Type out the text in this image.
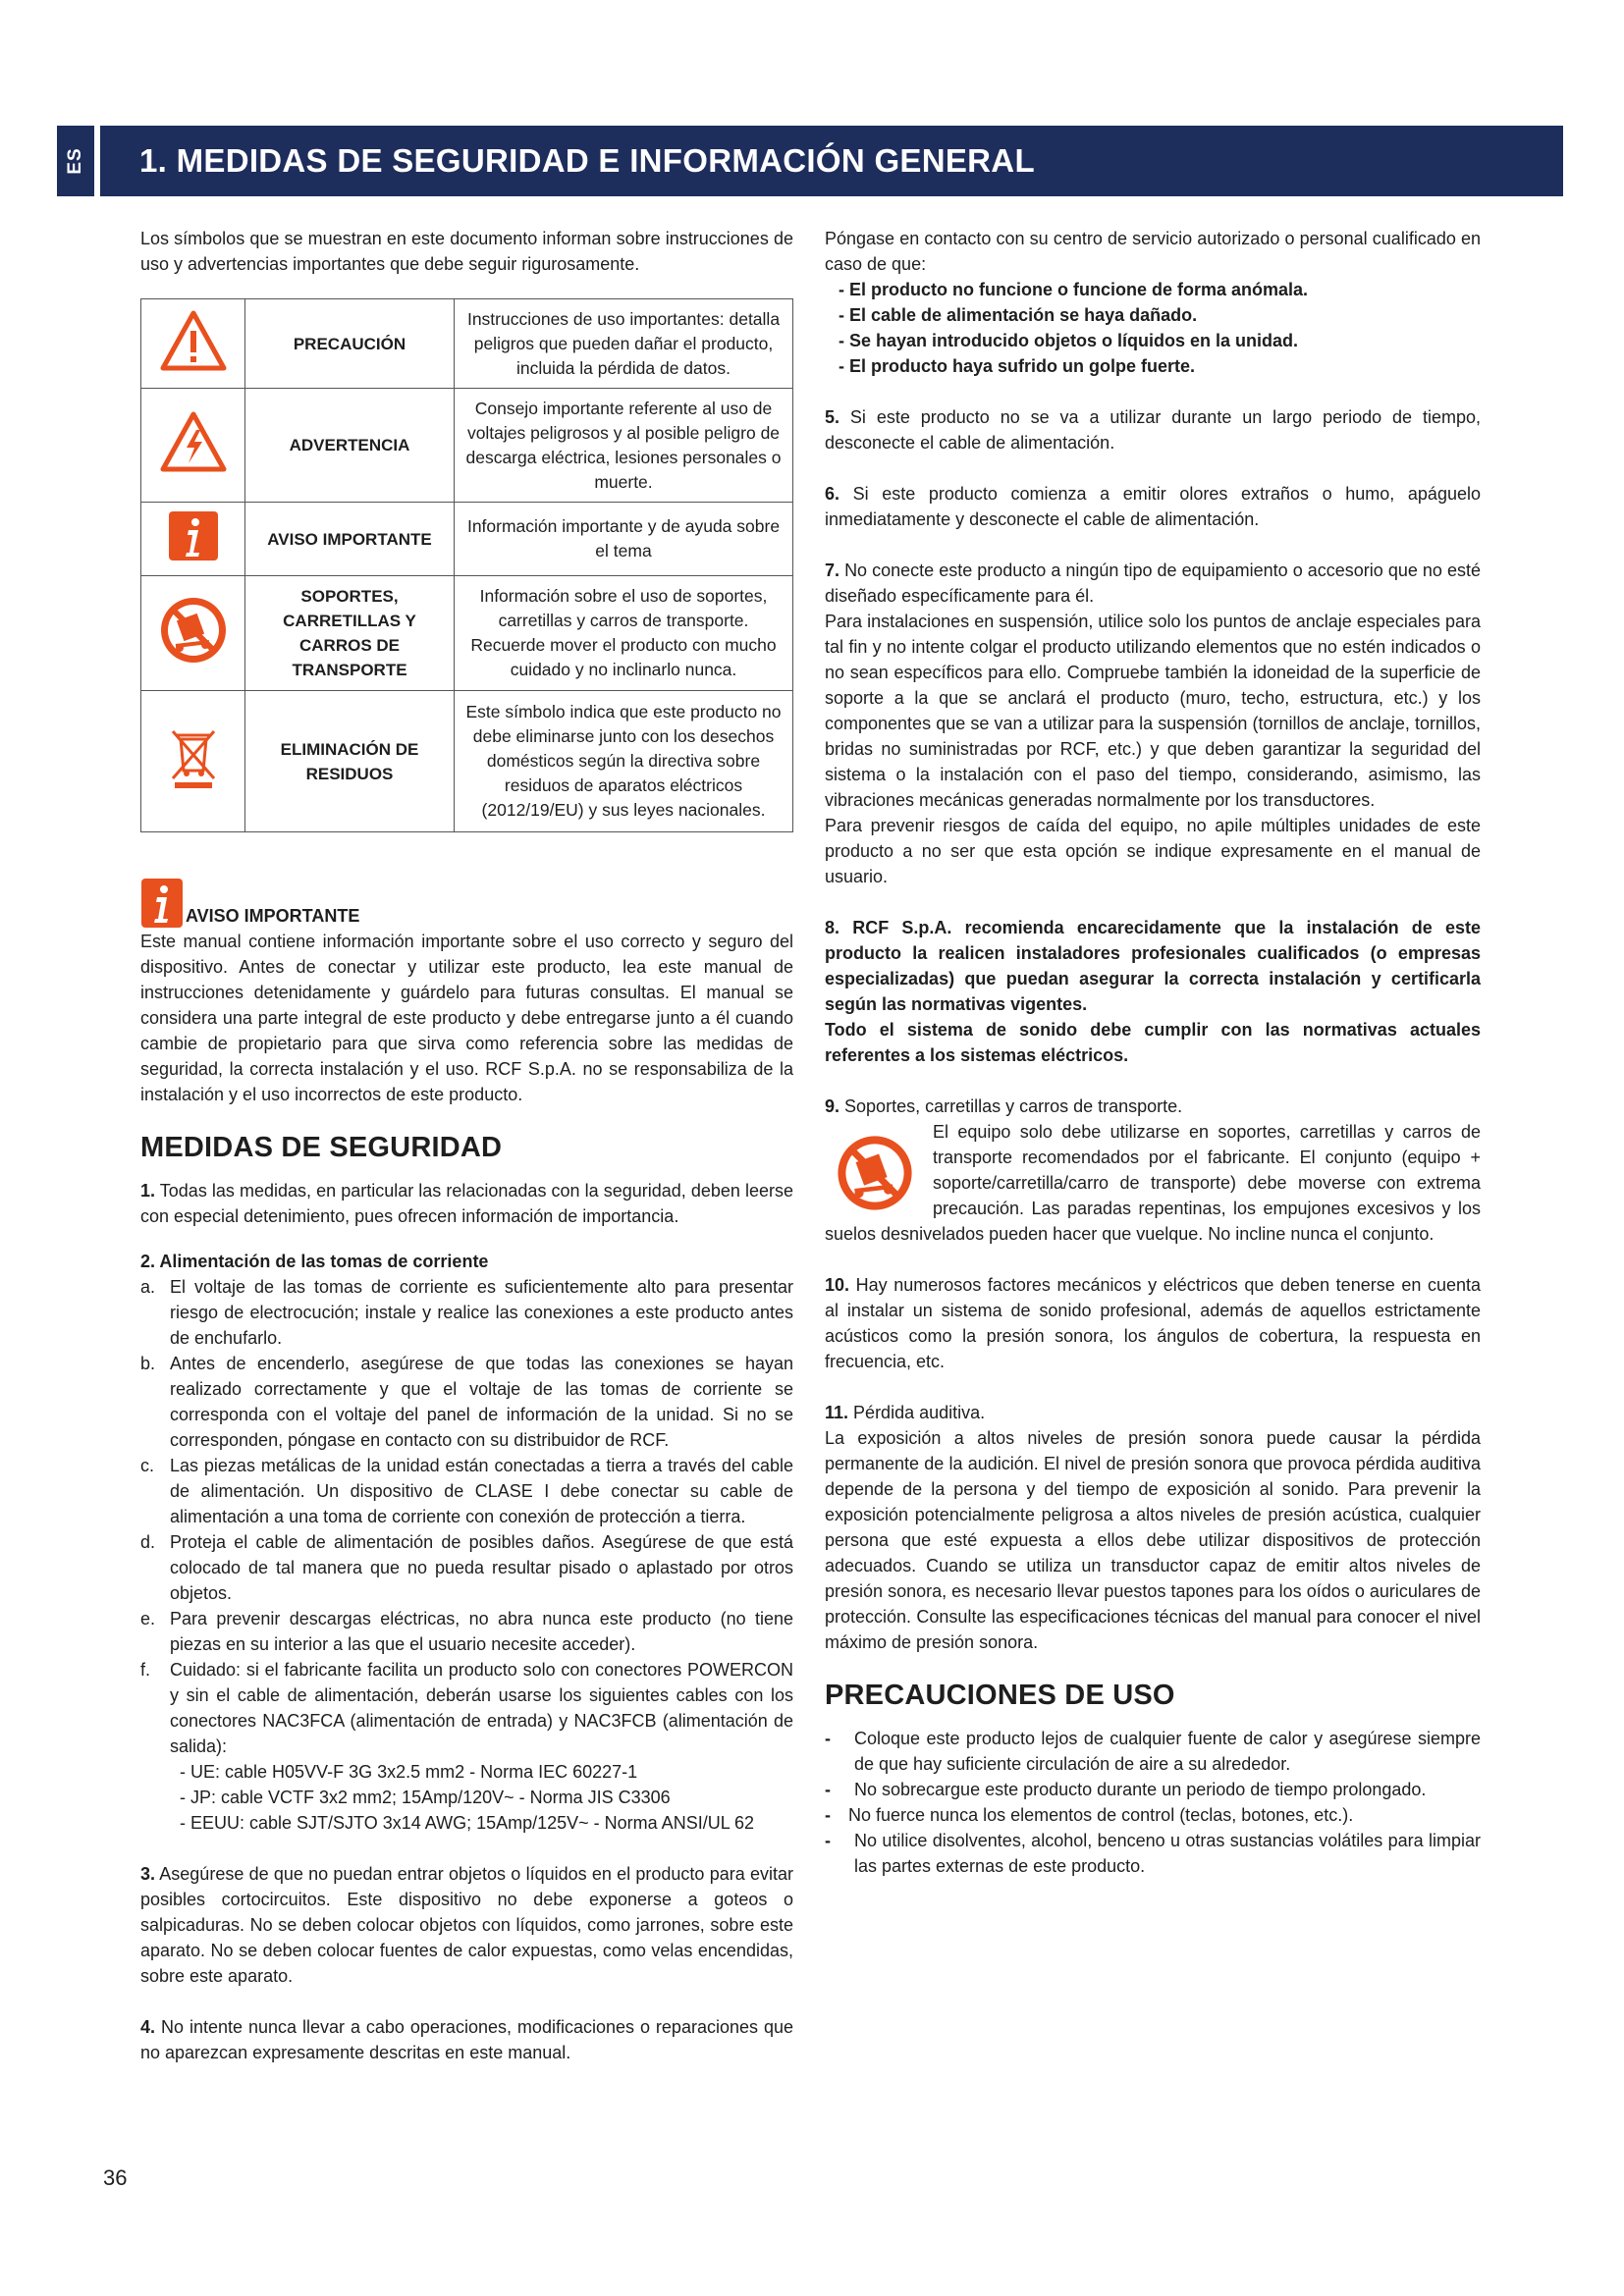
ES 1. MEDIDAS DE SEGURIDAD E INFORMACIÓN GENERAL

Los símbolos que se muestran en este documento informan sobre instrucciones de uso y advertencias importantes que debe seguir rigurosamente.

	PRECAUCIÓN	Instrucciones de uso importantes: detalla peligros que pueden dañar el producto, incluida la pérdida de datos.
	ADVERTENCIA	Consejo importante referente al uso de voltajes peligrosos y al posible peligro de descarga eléctrica, lesiones personales o muerte.
	AVISO IMPORTANTE	Información importante y de ayuda sobre el tema
	SOPORTES, CARRETILLAS Y CARROS DE TRANSPORTE	Información sobre el uso de soportes, carretillas y carros de transporte. Recuerde mover el producto con mucho cuidado y no inclinarlo nunca.
	ELIMINACIÓN DE RESIDUOS	Este símbolo indica que este producto no debe eliminarse junto con los desechos domésticos según la directiva sobre residuos de aparatos eléctricos (2012/19/EU) y sus leyes nacionales.
AVISO IMPORTANTE

Este manual contiene información importante sobre el uso correcto y seguro del dispositivo. Antes de conectar y utilizar este producto, lea este manual de instrucciones detenidamente y guárdelo para futuras consultas. El manual se considera una parte integral de este producto y debe entregarse junto a él cuando cambie de propietario para que sirva como referencia sobre las medidas de seguridad, la correcta instalación y el uso. RCF S.p.A. no se responsabiliza de la instalación y el uso incorrectos de este producto.

MEDIDAS DE SEGURIDAD

1. Todas las medidas, en particular las relacionadas con la seguridad, deben leerse con especial detenimiento, pues ofrecen información de importancia.

2. Alimentación de las tomas de corriente

a. El voltaje de las tomas de corriente es suficientemente alto para presentar riesgo de electrocución; instale y realice las conexiones a este producto antes de enchufarlo.
b. Antes de encenderlo, asegúrese de que todas las conexiones se hayan realizado correctamente y que el voltaje de las tomas de corriente se corresponda con el voltaje del panel de información de la unidad. Si no se corresponden, póngase en contacto con su distribuidor de RCF.
c. Las piezas metálicas de la unidad están conectadas a tierra a través del cable de alimentación. Un dispositivo de CLASE I debe conectar su cable de alimentación a una toma de corriente con conexión de protección a tierra.
d. Proteja el cable de alimentación de posibles daños. Asegúrese de que está colocado de tal manera que no pueda resultar pisado o aplastado por otros objetos.
e. Para prevenir descargas eléctricas, no abra nunca este producto (no tiene piezas en su interior a las que el usuario necesite acceder).
f. Cuidado: si el fabricante facilita un producto solo con conectores POWERCON y sin el cable de alimentación, deberán usarse los siguientes cables con los conectores NAC3FCA (alimentación de entrada) y NAC3FCB (alimentación de salida):
- UE: cable H05VV-F 3G 3x2.5 mm2 - Norma IEC 60227-1
- JP: cable VCTF 3x2 mm2; 15Amp/120V~ - Norma JIS C3306
- EEUU: cable SJT/SJTO 3x14 AWG; 15Amp/125V~ - Norma ANSI/UL 62

3. Asegúrese de que no puedan entrar objetos o líquidos en el producto para evitar posibles cortocircuitos. Este dispositivo no debe exponerse a goteos o salpicaduras. No se deben colocar objetos con líquidos, como jarrones, sobre este aparato. No se deben colocar fuentes de calor expuestas, como velas encendidas, sobre este aparato.

4. No intente nunca llevar a cabo operaciones, modificaciones o reparaciones que no aparezcan expresamente descritas en este manual.

Póngase en contacto con su centro de servicio autorizado o personal cualificado en caso de que:

- El producto no funcione o funcione de forma anómala.
- El cable de alimentación se haya dañado.
- Se hayan introducido objetos o líquidos en la unidad.
- El producto haya sufrido un golpe fuerte.

5. Si este producto no se va a utilizar durante un largo periodo de tiempo, desconecte el cable de alimentación.

6. Si este producto comienza a emitir olores extraños o humo, apáguelo inmediatamente y desconecte el cable de alimentación.

7. No conecte este producto a ningún tipo de equipamiento o accesorio que no esté diseñado específicamente para él.

Para instalaciones en suspensión, utilice solo los puntos de anclaje especiales para tal fin y no intente colgar el producto utilizando elementos que no estén indicados o no sean específicos para ello. Compruebe también la idoneidad de la superficie de soporte a la que se anclará el producto (muro, techo, estructura, etc.) y los componentes que se van a utilizar para la suspensión (tornillos de anclaje, tornillos, bridas no suministradas por RCF, etc.) y que deben garantizar la seguridad del sistema o la instalación con el paso del tiempo, considerando, asimismo, las vibraciones mecánicas generadas normalmente por los transductores.

Para prevenir riesgos de caída del equipo, no apile múltiples unidades de este producto a no ser que esta opción se indique expresamente en el manual de usuario.

8. RCF S.p.A. recomienda encarecidamente que la instalación de este producto la realicen instaladores profesionales cualificados (o empresas especializadas) que puedan asegurar la correcta instalación y certificarla según las normativas vigentes.

Todo el sistema de sonido debe cumplir con las normativas actuales referentes a los sistemas eléctricos.

9. Soportes, carretillas y carros de transporte.

El equipo solo debe utilizarse en soportes, carretillas y carros de transporte recomendados por el fabricante. El conjunto (equipo + soporte/carretilla/carro de transporte) debe moverse con extrema precaución. Las paradas repentinas, los empujones excesivos y los suelos desnivelados pueden hacer que vuelque. No incline nunca el conjunto.

10. Hay numerosos factores mecánicos y eléctricos que deben tenerse en cuenta al instalar un sistema de sonido profesional, además de aquellos estrictamente acústicos como la presión sonora, los ángulos de cobertura, la respuesta en frecuencia, etc.

11. Pérdida auditiva.

La exposición a altos niveles de presión sonora puede causar la pérdida permanente de la audición. El nivel de presión sonora que provoca pérdida auditiva depende de la persona y del tiempo de exposición al sonido. Para prevenir la exposición potencialmente peligrosa a altos niveles de presión acústica, cualquier persona que esté expuesta a ellos debe utilizar dispositivos de protección adecuados. Cuando se utiliza un transductor capaz de emitir altos niveles de presión sonora, es necesario llevar puestos tapones para los oídos o auriculares de protección. Consulte las especificaciones técnicas del manual para conocer el nivel máximo de presión sonora.

PRECAUCIONES DE USO
- Coloque este producto lejos de cualquier fuente de calor y asegúrese siempre de que hay suficiente circulación de aire a su alrededor.
- No sobrecargue este producto durante un periodo de tiempo prolongado.
- No fuerce nunca los elementos de control (teclas, botones, etc.).
- No utilice disolventes, alcohol, benceno u otras sustancias volátiles para limpiar las partes externas de este producto.
36
